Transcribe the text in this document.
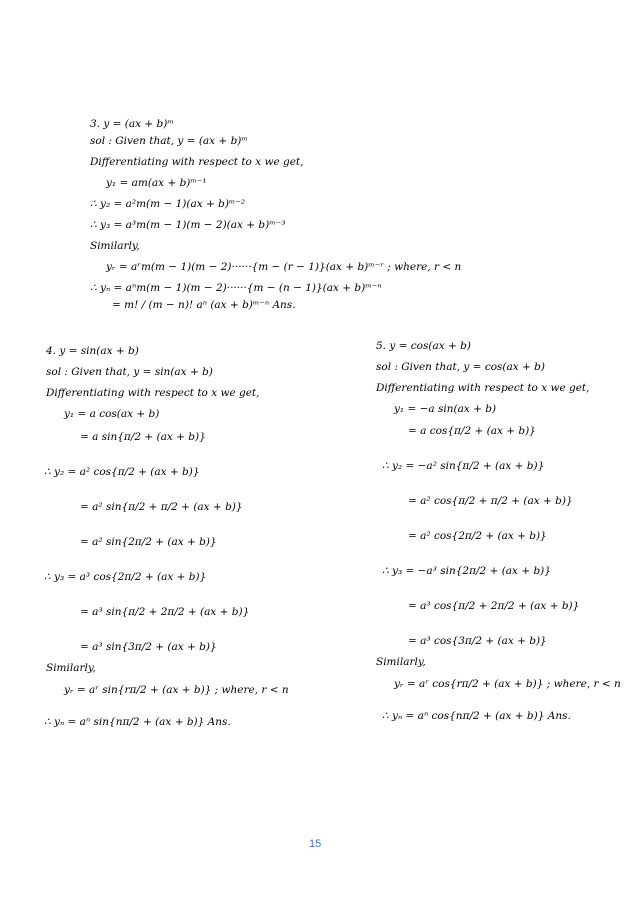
3. y = (ax + b)ᵐ
sol : Given that, y = (ax + b)ᵐ
Differentiating with respect to x we get,
y₁ = am(ax + b)ᵐ⁻¹
∴ y₂ = a²m(m − 1)(ax + b)ᵐ⁻²
∴ y₃ = a³m(m − 1)(m − 2)(ax + b)ᵐ⁻³
Similarly,
yᵣ = aʳm(m − 1)(m − 2)······{m − (r − 1)}(ax + b)ᵐ⁻ʳ ; where, r < n
∴ yₙ = aⁿm(m − 1)(m − 2)······{m − (n − 1)}(ax + b)ᵐ⁻ⁿ
= m! / (m − n)! aⁿ (ax + b)ᵐ⁻ⁿ Ans.
4. y = sin(ax + b)
sol : Given that, y = sin(ax + b)
Differentiating with respect to x we get,
y₁ = a cos(ax + b)
= a sin{π/2 + (ax + b)}
∴ y₂ = a² cos{π/2 + (ax + b)}
= a² sin{π/2 + π/2 + (ax + b)}
= a² sin{2π/2 + (ax + b)}
∴ y₃ = a³ cos{2π/2 + (ax + b)}
= a³ sin{π/2 + 2π/2 + (ax + b)}
= a³ sin{3π/2 + (ax + b)}
Similarly,
yᵣ = aʳ sin{rπ/2 + (ax + b)} ; where, r < n
∴ yₙ = aⁿ sin{nπ/2 + (ax + b)} Ans.
5. y = cos(ax + b)
sol : Given that, y = cos(ax + b)
Differentiating with respect to x we get,
y₁ = −a sin(ax + b)
= a cos{π/2 + (ax + b)}
∴ y₂ = −a² sin{π/2 + (ax + b)}
= a² cos{π/2 + π/2 + (ax + b)}
= a² cos{2π/2 + (ax + b)}
∴ y₃ = −a³ sin{2π/2 + (ax + b)}
= a³ cos{π/2 + 2π/2 + (ax + b)}
= a³ cos{3π/2 + (ax + b)}
Similarly,
yᵣ = aʳ cos{rπ/2 + (ax + b)} ; where, r < n
∴ yₙ = aⁿ cos{nπ/2 + (ax + b)} Ans.
15
